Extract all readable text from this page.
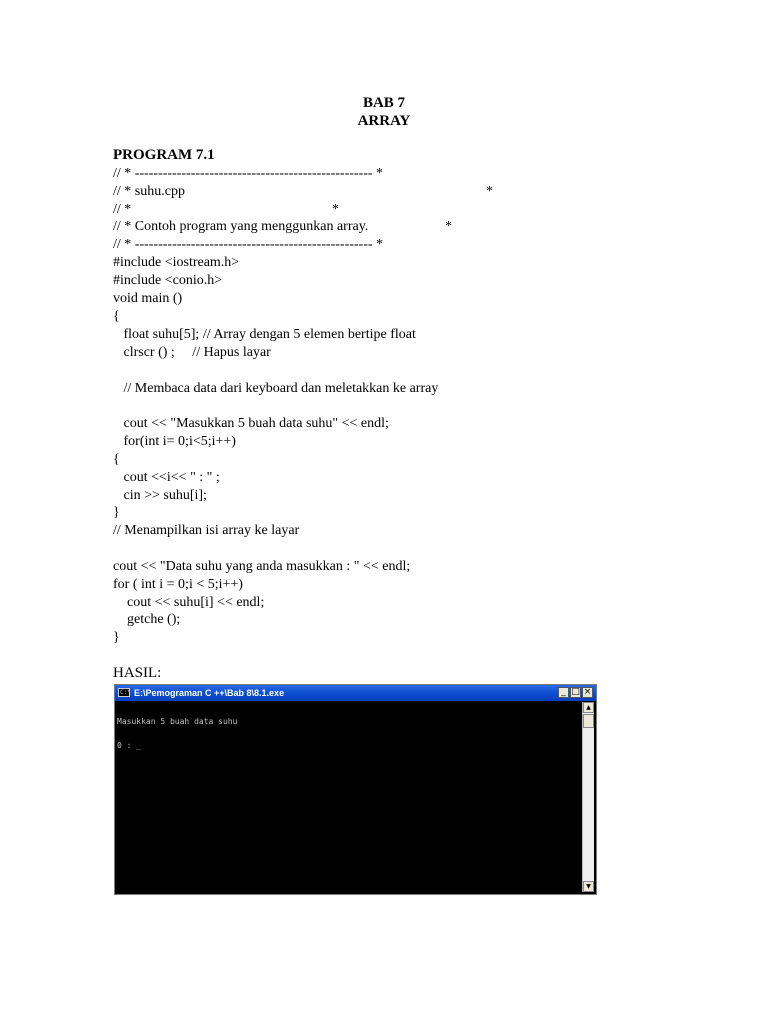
BAB 7
ARRAY
PROGRAM 7.1
// * --------------------------------------------------- *
// * suhu.cpp
// *
// * Contoh program yang menggunkan array.
// * --------------------------------------------------- *
#include <iostream.h>
#include <conio.h>
void main ()
{
float suhu[5]; // Array dengan 5 elemen bertipe float
clrscr () ;     // Hapus layar
// Membaca data dari keyboard dan meletakkan ke array
cout << "Masukkan 5 buah data suhu" << endl;
for(int i= 0;i<5;i++)
{
cout <<i<< " : " ;
cin >> suhu[i];
}
// Menampilkan isi array ke layar
cout << "Data suhu yang anda masukkan : " << endl;
for ( int i = 0;i < 5;i++)
cout << suhu[i] << endl;
getche ();
}
*
*
*
HASIL:
C:\ E:\Pemograman C ++\Bab 8\8.1.exe	_ □ ×

Masukkan 5 buah data suhu

0 : _

▲
▼
